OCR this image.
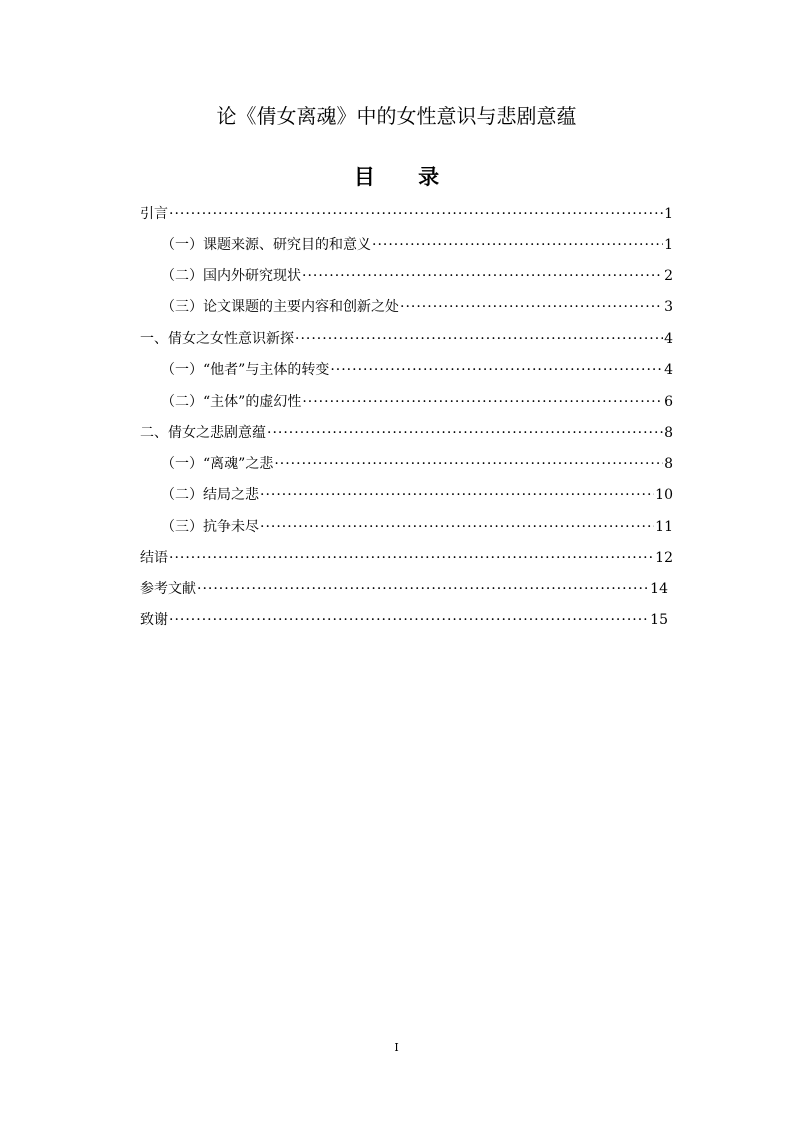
论《倩女离魂》中的女性意识与悲剧意蕴
目 录
引言 ·····	1
（一）课题来源、研究目的和意义 ·····	1
（二）国内外研究现状 ·····	2
（三）论文课题的主要内容和创新之处 ·····	3
一、倩女之女性意识新探 ·····	4
（一）“他者”与主体的转变 ·····	4
（二）“主体”的虚幻性 ·····	6
二、倩女之悲剧意蕴 ·····	8
（一）“离魂”之悲 ·····	8
（二）结局之悲 ·····	10
（三）抗争未尽 ·····	11
结语 ·····	12
参考文献 ·····	14
致谢 ·····	15
I
